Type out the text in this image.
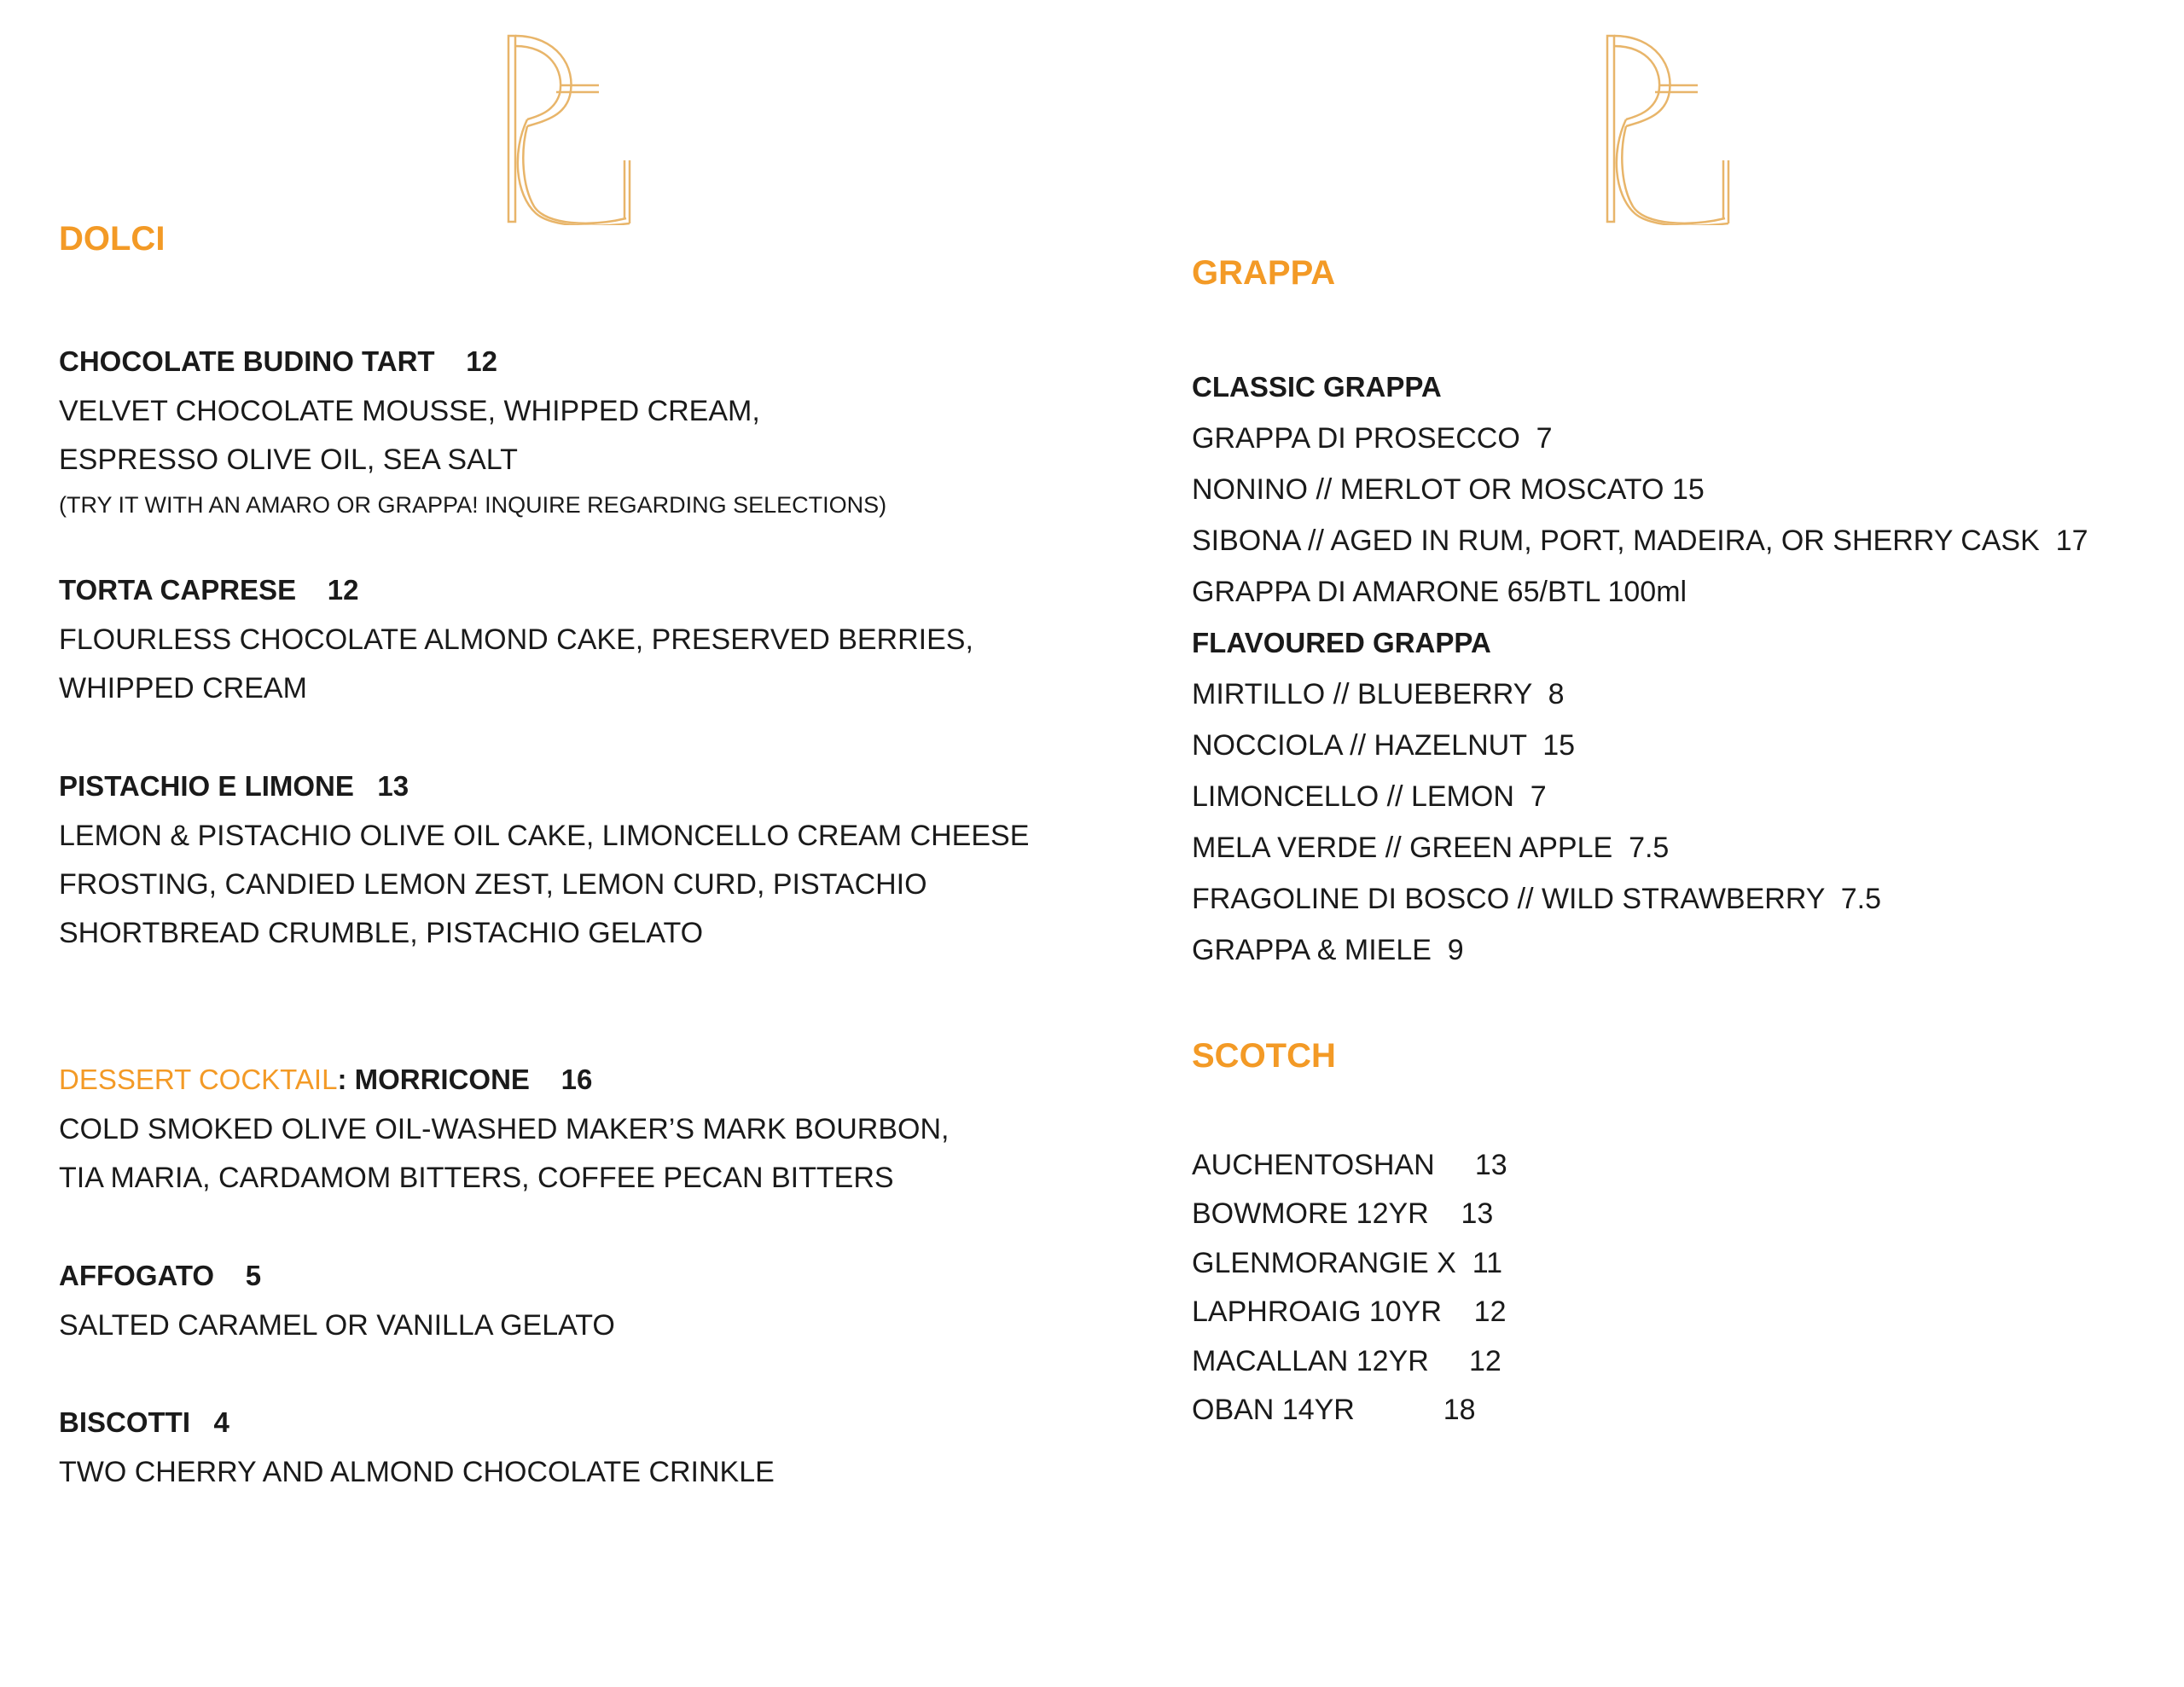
DOLCI
CHOCOLATE BUDINO TART    12
VELVET CHOCOLATE MOUSSE, WHIPPED CREAM,
ESPRESSO OLIVE OIL, SEA SALT
(TRY IT WITH AN AMARO OR GRAPPA! INQUIRE REGARDING SELECTIONS)
TORTA CAPRESE    12
FLOURLESS CHOCOLATE ALMOND CAKE, PRESERVED BERRIES,
WHIPPED CREAM
PISTACHIO E LIMONE   13
LEMON & PISTACHIO OLIVE OIL CAKE, LIMONCELLO CREAM CHEESE
FROSTING, CANDIED LEMON ZEST, LEMON CURD, PISTACHIO
SHORTBREAD CRUMBLE, PISTACHIO GELATO
DESSERT COCKTAIL: MORRICONE    16
COLD SMOKED OLIVE OIL-WASHED MAKER’S MARK BOURBON,
TIA MARIA, CARDAMOM BITTERS, COFFEE PECAN BITTERS
AFFOGATO    5
SALTED CARAMEL OR VANILLA GELATO
BISCOTTI   4
TWO CHERRY AND ALMOND CHOCOLATE CRINKLE
GRAPPA
CLASSIC GRAPPA
GRAPPA DI PROSECCO  7
NONINO // MERLOT OR MOSCATO 15
SIBONA // AGED IN RUM, PORT, MADEIRA, OR SHERRY CASK  17
GRAPPA DI AMARONE 65/BTL 100ml
FLAVOURED GRAPPA
MIRTILLO // BLUEBERRY  8
NOCCIOLA // HAZELNUT  15
LIMONCELLO // LEMON  7
MELA VERDE // GREEN APPLE  7.5
FRAGOLINE DI BOSCO // WILD STRAWBERRY  7.5
GRAPPA & MIELE  9
SCOTCH
AUCHENTOSHAN     13
BOWMORE 12YR    13
GLENMORANGIE X  11
LAPHROAIG 10YR    12
MACALLAN 12YR     12
OBAN 14YR           18
